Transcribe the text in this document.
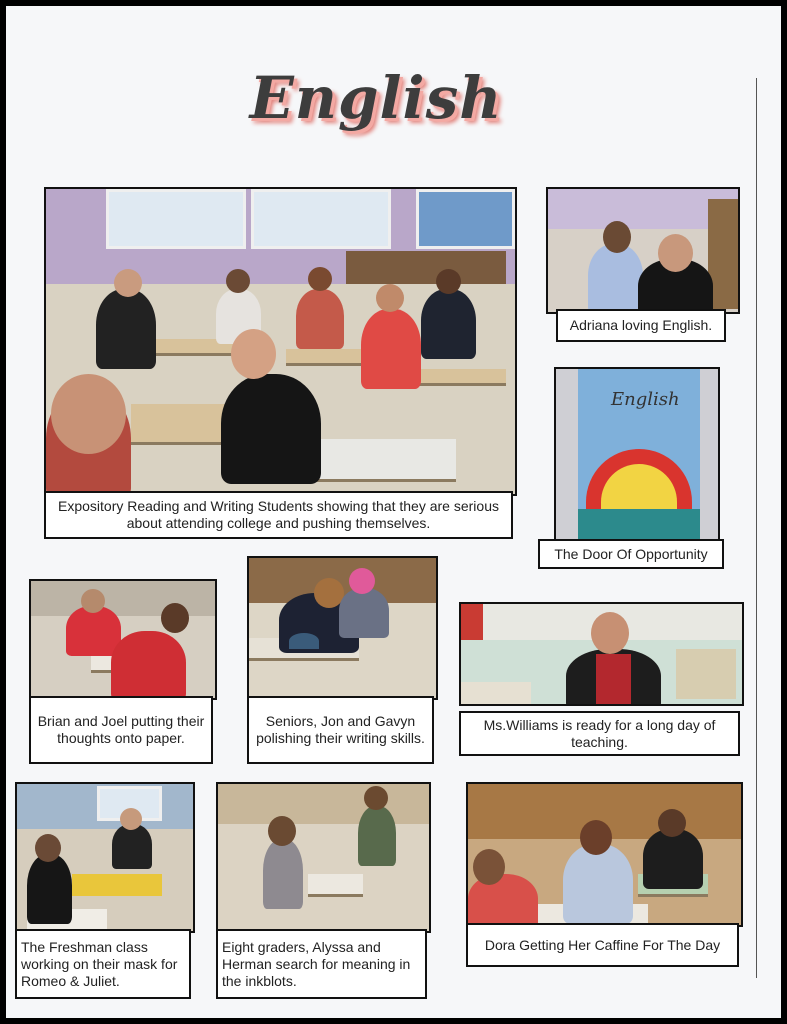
English
Expository Reading and Writing Students showing that they are serious about attending college and pushing themselves.
Adriana loving English.
English
The Door Of Opportunity
Brian and Joel putting their thoughts onto paper.
Seniors, Jon and Gavyn polishing their writing skills.
Ms.Williams is ready for a long day of teaching.
The Freshman class working on their mask for Romeo & Juliet.
Eight graders, Alyssa and Herman search for meaning in the inkblots.
Dora Getting Her Caffine For The Day
